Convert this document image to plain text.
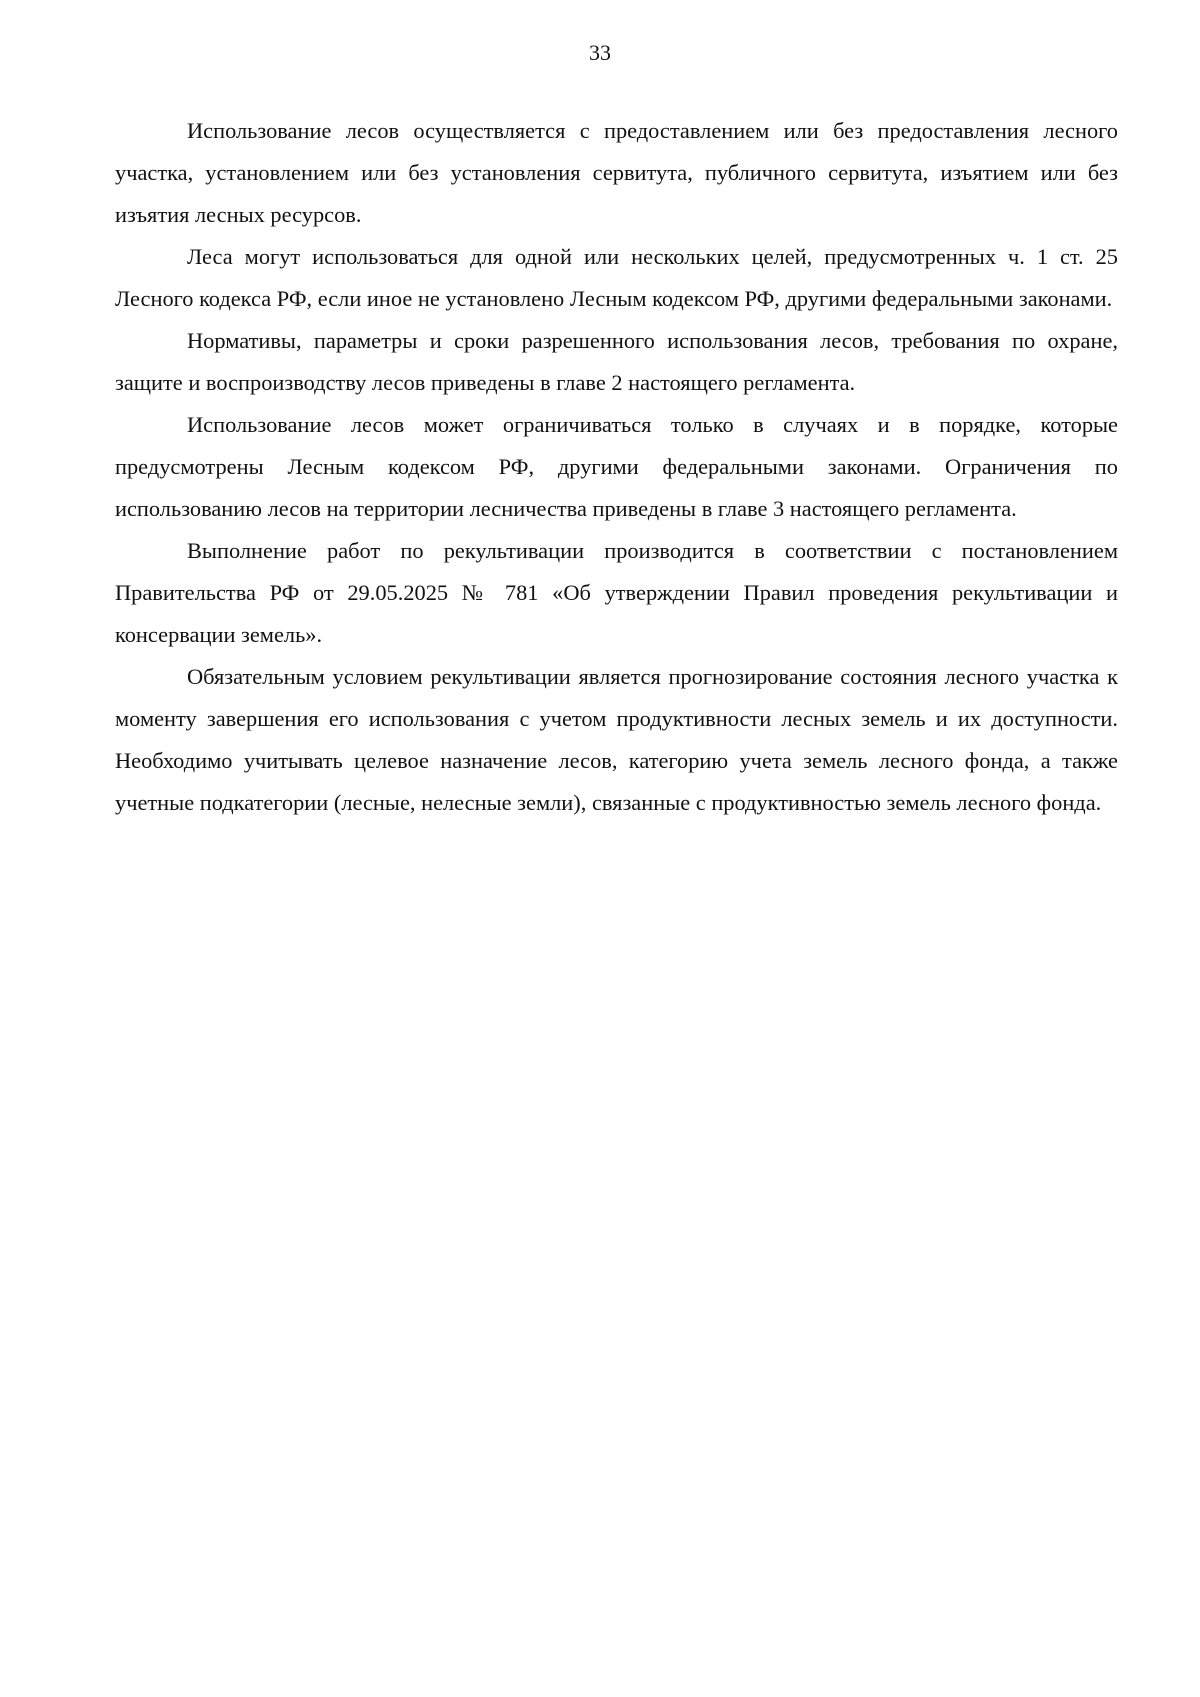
33

Использование лесов осуществляется с предоставлением или без предоставления лесного участка, установлением или без установления сервитута, публичного сервитута, изъятием или без изъятия лесных ресурсов.

Леса могут использоваться для одной или нескольких целей, предусмотренных ч. 1 ст. 25 Лесного кодекса РФ, если иное не установлено Лесным кодексом РФ, другими федеральными законами.

Нормативы, параметры и сроки разрешенного использования лесов, требования по охране, защите и воспроизводству лесов приведены в главе 2 настоящего регламента.

Использование лесов может ограничиваться только в случаях и в порядке, которые предусмотрены Лесным кодексом РФ, другими федеральными законами. Ограничения по использованию лесов на территории лесничества приведены в главе 3 настоящего регламента.

Выполнение работ по рекультивации производится в соответствии с постановлением Правительства РФ от 29.05.2025 № 781 «Об утверждении Правил проведения рекультивации и консервации земель».

Обязательным условием рекультивации является прогнозирование состояния лесного участка к моменту завершения его использования с учетом продуктивности лесных земель и их доступности. Необходимо учитывать целевое назначение лесов, категорию учета земель лесного фонда, а также учетные подкатегории (лесные, нелесные земли), связанные с продуктивностью земель лесного фонда.
